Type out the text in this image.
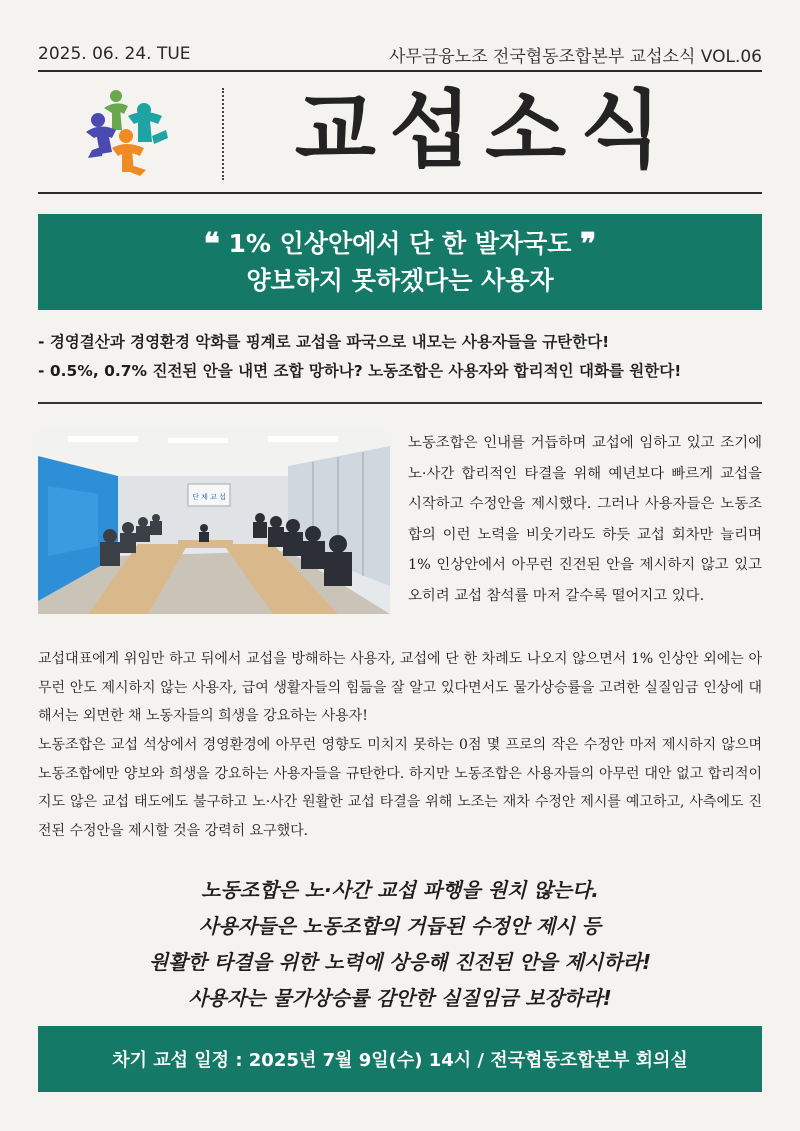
2025. 06. 24. TUE	사무금융노조 전국협동조합본부 교섭소식 VOL.06
교섭소식
❝ 1% 인상안에서 단 한 발자국도 ❞
양보하지 못하겠다는 사용자
- 경영결산과 경영환경 악화를 핑계로 교섭을 파국으로 내모는 사용자들을 규탄한다!
- 0.5%, 0.7% 진전된 안을 내면 조합 망하나? 노동조합은 사용자와 합리적인 대화를 원한다!
단 체 교 섭
노동조합은 인내를 거듭하며 교섭에 임하고 있고 조기에 노·사간 합리적인 타결을 위해 예년보다 빠르게 교섭을 시작하고 수정안을 제시했다. 그러나 사용자들은 노동조합의 이런 노력을 비웃기라도 하듯 교섭 회차만 늘리며 1% 인상안에서 아무런 진전된 안을 제시하지 않고 있고 오히려 교섭 참석률 마저 갈수록 떨어지고 있다.
교섭대표에게 위임만 하고 뒤에서 교섭을 방해하는 사용자, 교섭에 단 한 차례도 나오지 않으면서 1% 인상안 외에는 아무런 안도 제시하지 않는 사용자, 급여 생활자들의 힘듦을 잘 알고 있다면서도 물가상승률을 고려한 실질임금 인상에 대해서는 외면한 채 노동자들의 희생을 강요하는 사용자!
노동조합은 교섭 석상에서 경영환경에 아무런 영향도 미치지 못하는 0점 몇 프로의 작은 수정안 마저 제시하지 않으며 노동조합에만 양보와 희생을 강요하는 사용자들을 규탄한다. 하지만 노동조합은 사용자들의 아무런 대안 없고 합리적이지도 않은 교섭 태도에도 불구하고 노·사간 원활한 교섭 타결을 위해 노조는 재차 수정안 제시를 예고하고, 사측에도 진전된 수정안을 제시할 것을 강력히 요구했다.
노동조합은 노·사간 교섭 파행을 원치 않는다.
사용자들은 노동조합의 거듭된 수정안 제시 등
원활한 타결을 위한 노력에 상응해 진전된 안을 제시하라!
사용자는 물가상승률 감안한 실질임금 보장하라!
차기 교섭 일정 : 2025년 7월 9일(수) 14시 / 전국협동조합본부 회의실
